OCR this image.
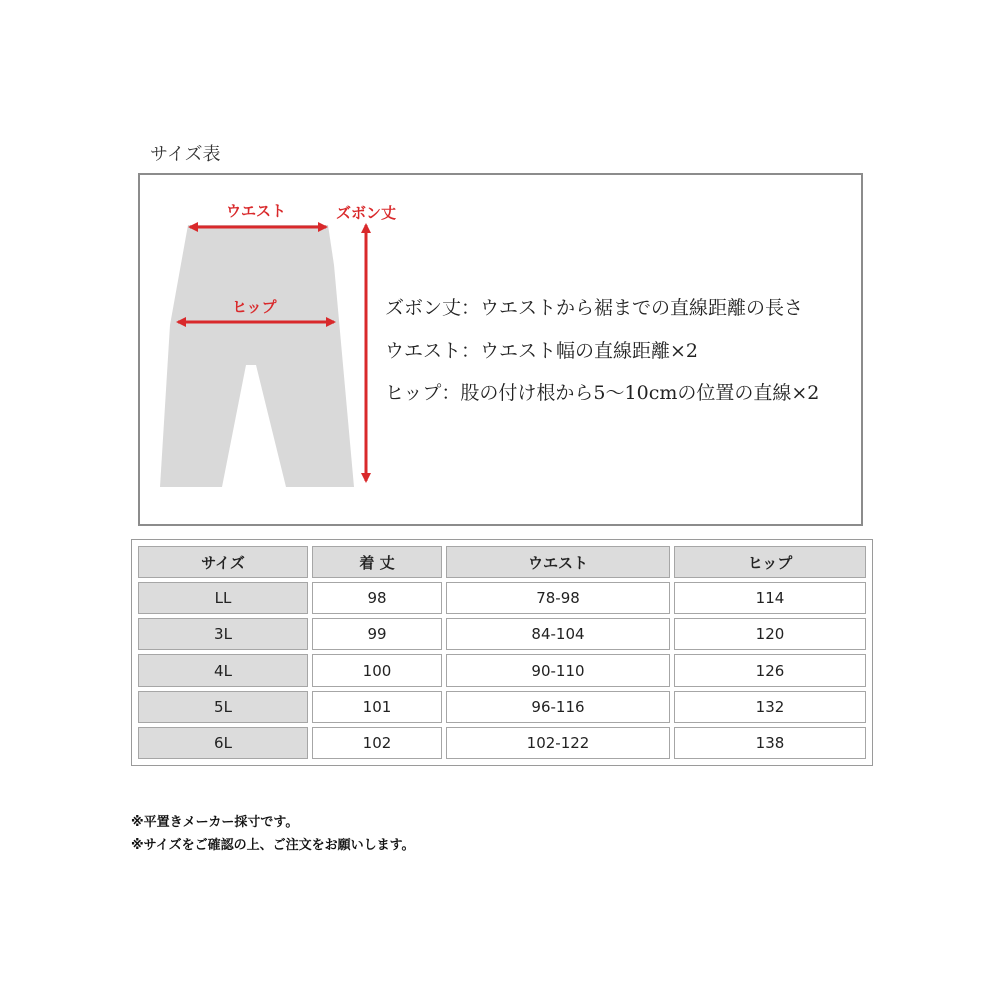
サイズ表
ウエスト	ズボン丈
ヒップ	ズボン丈：ウエストから裾までの直線距離の長さ
ウエスト：ウエスト幅の直線距離×2
ヒップ：股の付け根から5〜10cmの位置の直線×2
サイズ	着 丈	ウエスト	ヒップ
LL	98	78-98	114
3L	99	84-104	120
4L	100	90-110	126
5L	101	96-116	132
6L	102	102-122	138
※平置きメーカー採寸です。
※サイズをご確認の上、ご注文をお願いします。
